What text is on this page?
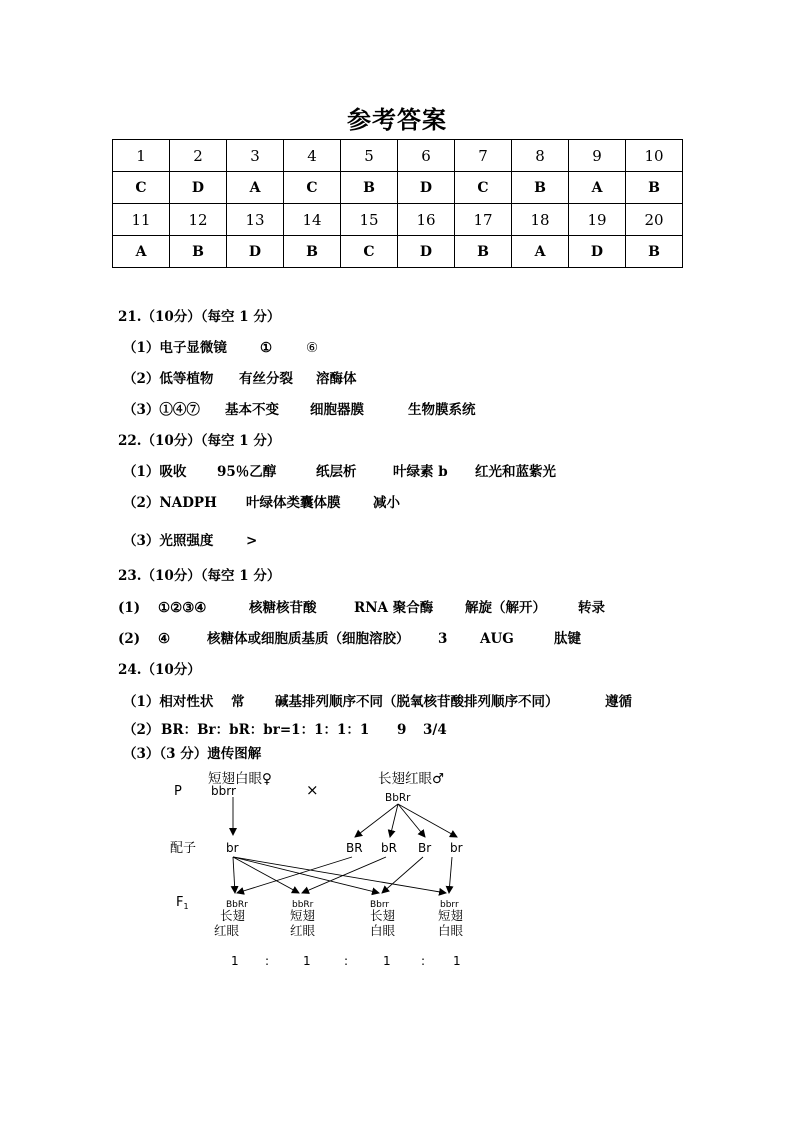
参考答案
1	2	3	4	5	6	7	8	9	10
C	D	A	C	B	D	C	B	A	B
11	12	13	14	15	16	17	18	19	20
A	B	D	B	C	D	B	A	D	B
21.（10分）（每空 1 分）
（1）电子显微镜 ①	⑥
（2）低等植物 有丝分裂 溶酶体
（3）①④⑦ 基本不变 细胞器膜	生物膜系统
22.（10分）（每空 1 分）
（1）吸收 95％乙醇	纸层析	叶绿素 b 红光和蓝紫光
（2）NADPH 叶绿体类囊体膜 减小
（3）光照强度 >
23.（10分）（每空 1 分）
(1) ①②③④	核糖核苷酸	RNA 聚合酶 解旋（解开） 转录
(2) ④	核糖体或细胞质基质（细胞溶胶） 3 AUG	肽键
24.（10分）
（1）相对性状 常 碱基排列顺序不同（脱氧核苷酸排列顺序不同）	遵循
（2） BR：Br：bR：br=1：1：1：1 9 3/4
（3）（3 分）遗传图解
P
短翅白眼♀
bbrr	×
长翅红眼♂
BbRr
配子 br	BR bR Br br
$F_1$	BbRr
长翅
红眼
bbRr
短翅
红眼
Bbrr
长翅
白眼
bbrr
短翅
白眼
1 :	1	:	1	: 1
